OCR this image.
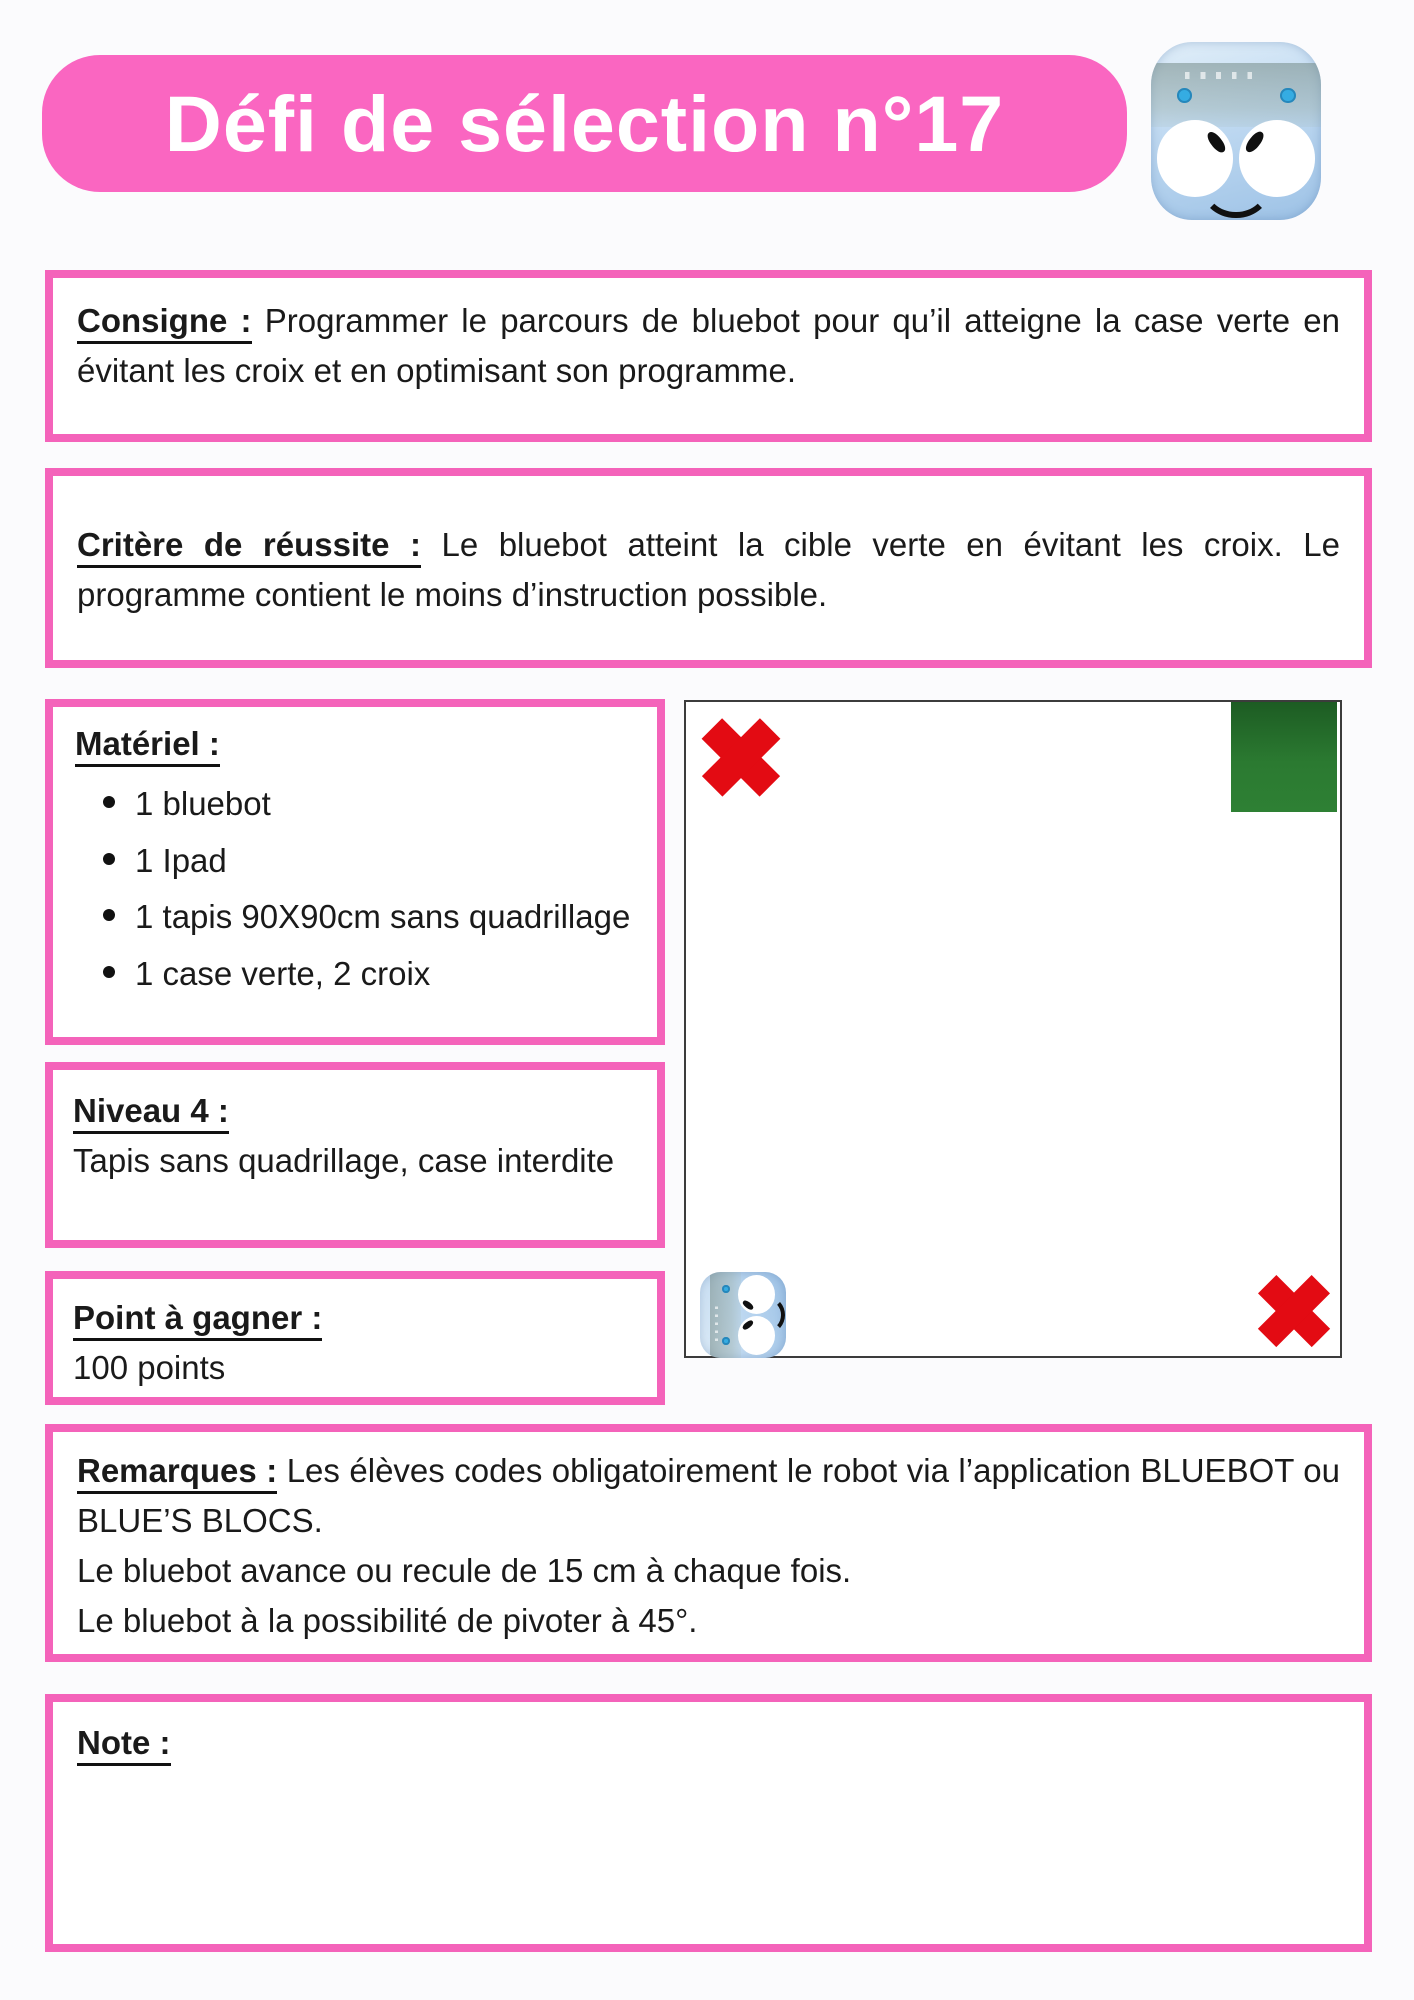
Défi de sélection n°17

Consigne : Programmer le parcours de bluebot pour qu’il atteigne la case verte en évitant les croix et en optimisant son programme.

Critère de réussite : Le bluebot atteint la cible verte en évitant les croix. Le programme contient le moins d’instruction possible.

Matériel :

1 bluebot
1 Ipad
1 tapis 90X90cm sans quadrillage
1 case verte, 2 croix

Niveau 4 :

Tapis sans quadrillage, case interdite

Point à gagner :

100 points

Remarques : Les élèves codes obligatoirement le robot via l’application BLUEBOT ou BLUE’S BLOCS.

Le bluebot avance ou recule de 15 cm à chaque fois.

Le bluebot à la possibilité de pivoter à 45°.

Note :
